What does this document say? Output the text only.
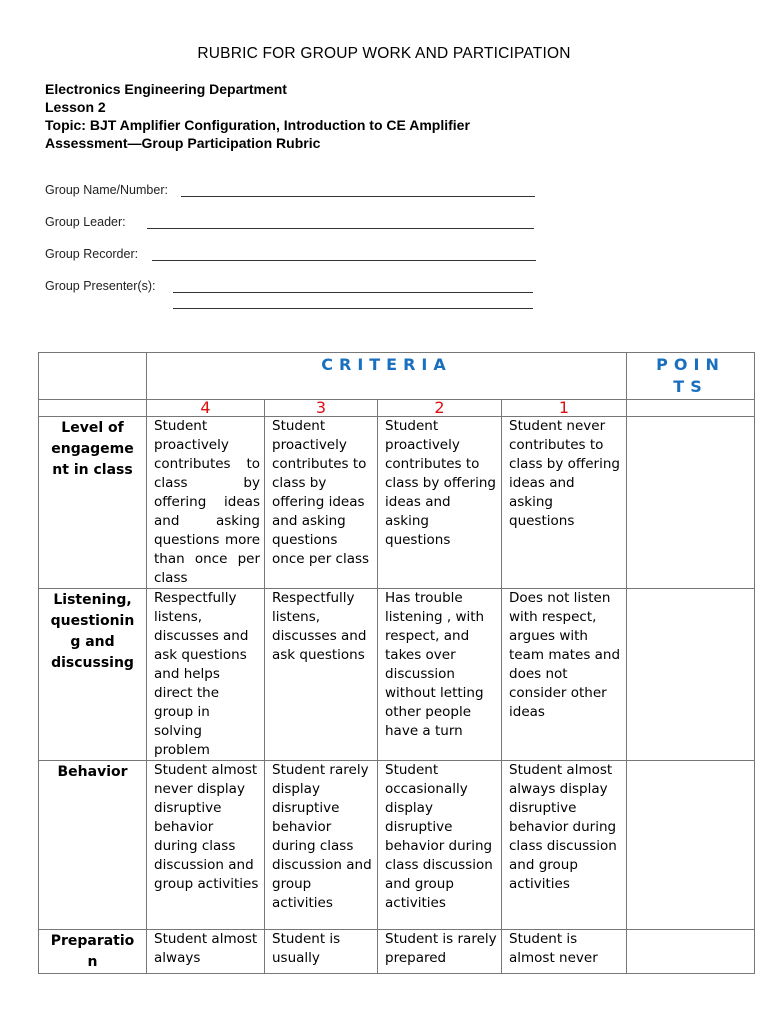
RUBRIC FOR GROUP WORK AND PARTICIPATION
Electronics Engineering Department
Lesson 2
Topic: BJT Amplifier Configuration, Introduction to CE Amplifier
Assessment—Group Participation Rubric
Group Name/Number:
Group Leader:
Group Recorder:
Group Presenter(s):
	CRITERIA				POIN
TS

	4	3	2	1	
Level of
engageme
nt in class	Student proactively contributes to class by offering ideas and asking questions more than once per class	Student proactively contributes to class by offering ideas and asking questions once per class	Student proactively contributes to class by offering ideas and asking questions	Student never contributes to class by offering ideas and asking questions	
Listening,
questionin
g and
discussing	Respectfully listens, discusses and ask questions and helps direct the group in solving problem	Respectfully listens, discusses and ask questions	Has trouble listening , with respect, and takes over discussion without letting other people have a turn	Does not listen with respect, argues with team mates and does not consider other ideas	
Behavior	Student almost never display disruptive behavior during class discussion and group activities	Student rarely display disruptive behavior during class discussion and group activities	Student occasionally display disruptive behavior during class discussion and group activities	Student almost always display disruptive behavior during class discussion and group activities	
Preparatio
n	Student almost always	Student is usually	Student is rarely prepared	Student is almost never	
